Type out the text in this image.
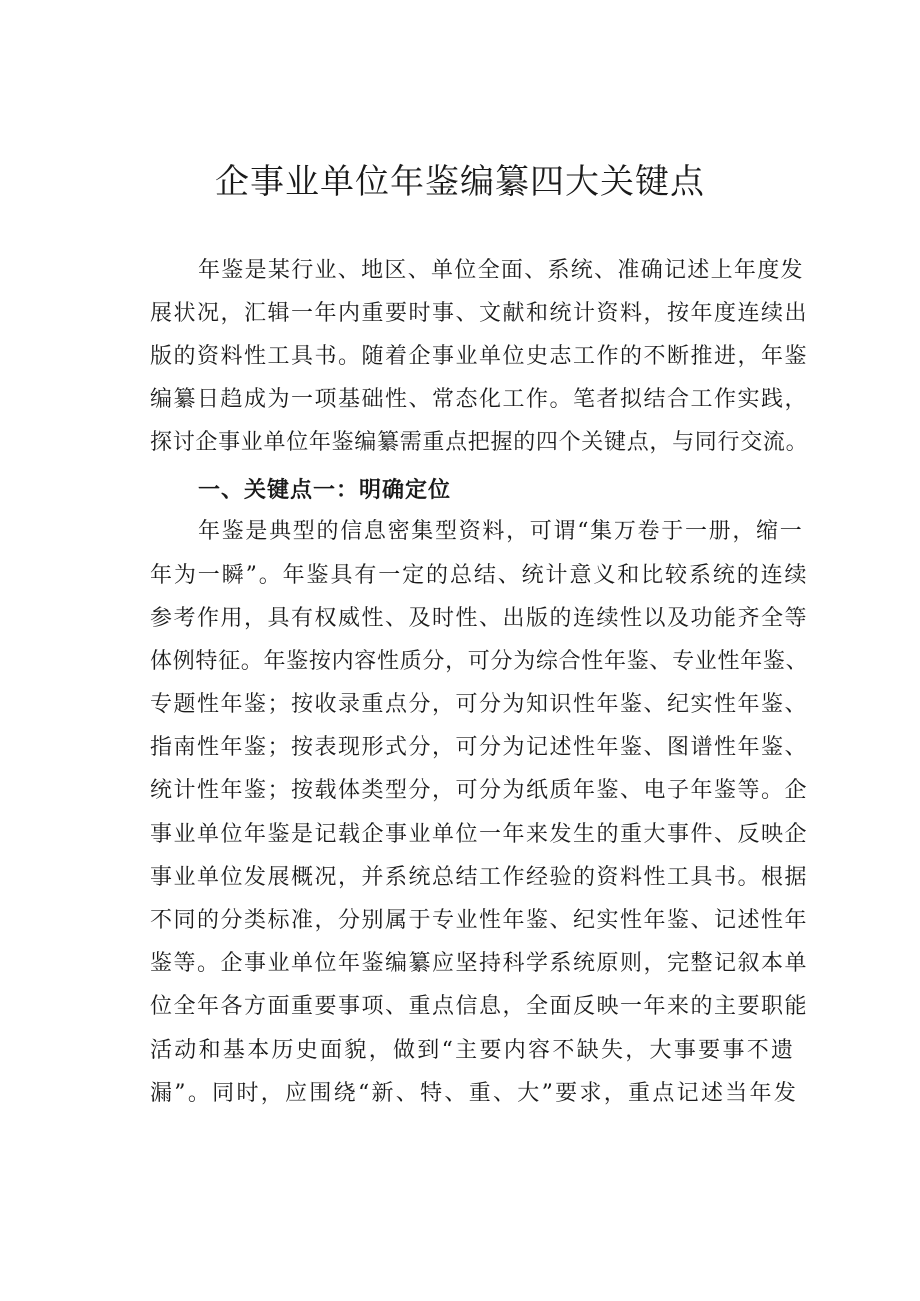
企事业单位年鉴编纂四大关键点
年鉴是某行业、地区、单位全面、系统、准确记述上年度发
展状况，汇辑一年内重要时事、文献和统计资料，按年度连续出
版的资料性工具书。随着企事业单位史志工作的不断推进，年鉴
编纂日趋成为一项基础性、常态化工作。笔者拟结合工作实践，
探讨企事业单位年鉴编纂需重点把握的四个关键点，与同行交流。
一、关键点一：明确定位
年鉴是典型的信息密集型资料，可谓“集万卷于一册，缩一
年为一瞬”。年鉴具有一定的总结、统计意义和比较系统的连续
参考作用，具有权威性、及时性、出版的连续性以及功能齐全等
体例特征。年鉴按内容性质分，可分为综合性年鉴、专业性年鉴、
专题性年鉴；按收录重点分，可分为知识性年鉴、纪实性年鉴、
指南性年鉴；按表现形式分，可分为记述性年鉴、图谱性年鉴、
统计性年鉴；按载体类型分，可分为纸质年鉴、电子年鉴等。企
事业单位年鉴是记载企事业单位一年来发生的重大事件、反映企
事业单位发展概况，并系统总结工作经验的资料性工具书。根据
不同的分类标准，分别属于专业性年鉴、纪实性年鉴、记述性年
鉴等。企事业单位年鉴编纂应坚持科学系统原则，完整记叙本单
位全年各方面重要事项、重点信息，全面反映一年来的主要职能
活动和基本历史面貌，做到“主要内容不缺失，大事要事不遗
漏”。同时，应围绕“新、特、重、大”要求，重点记述当年发
